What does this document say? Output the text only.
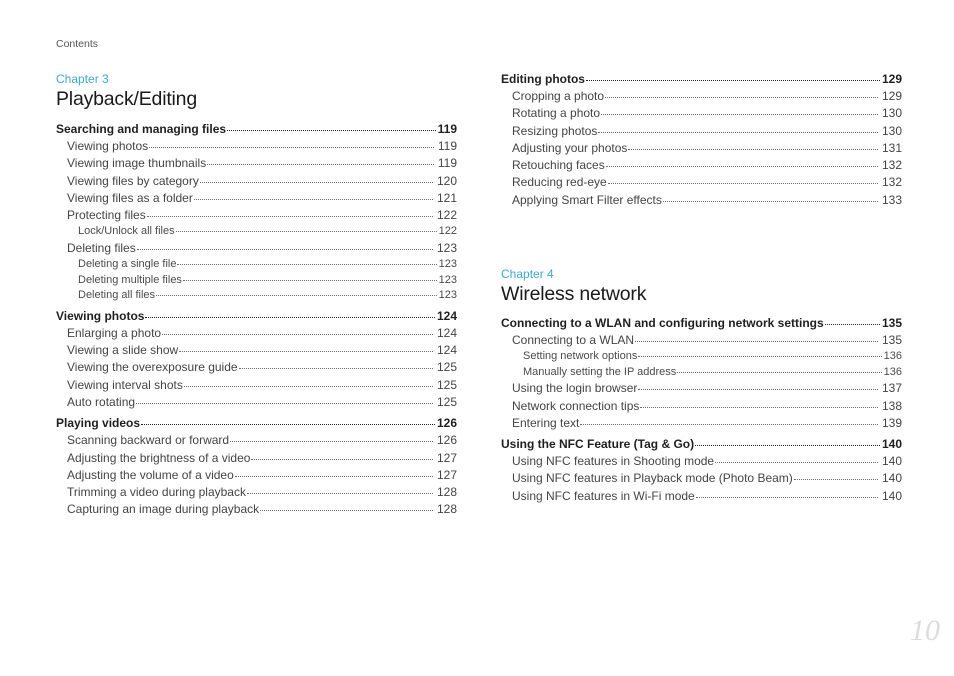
Contents
Chapter 3
Playback/Editing
Searching and managing files	119
Viewing photos	119
Viewing image thumbnails	119
Viewing files by category	120
Viewing files as a folder	121
Protecting files	122
Lock/Unlock all files	122
Deleting files	123
Deleting a single file	123
Deleting multiple files	123
Deleting all files	123
Viewing photos	124
Enlarging a photo	124
Viewing a slide show	124
Viewing the overexposure guide	125
Viewing interval shots	125
Auto rotating	125
Playing videos	126
Scanning backward or forward	126
Adjusting the brightness of a video	127
Adjusting the volume of a video	127
Trimming a video during playback	128
Capturing an image during playback	128
Editing photos	129
Cropping a photo	129
Rotating a photo	130
Resizing photos	130
Adjusting your photos	131
Retouching faces	132
Reducing red-eye	132
Applying Smart Filter effects	133
Chapter 4
Wireless network
Connecting to a WLAN and configuring network settings	135
Connecting to a WLAN	135
Setting network options	136
Manually setting the IP address	136
Using the login browser	137
Network connection tips	138
Entering text	139
Using the NFC Feature (Tag & Go)	140
Using NFC features in Shooting mode	140
Using NFC features in Playback mode (Photo Beam)	140
Using NFC features in Wi-Fi mode	140
10
